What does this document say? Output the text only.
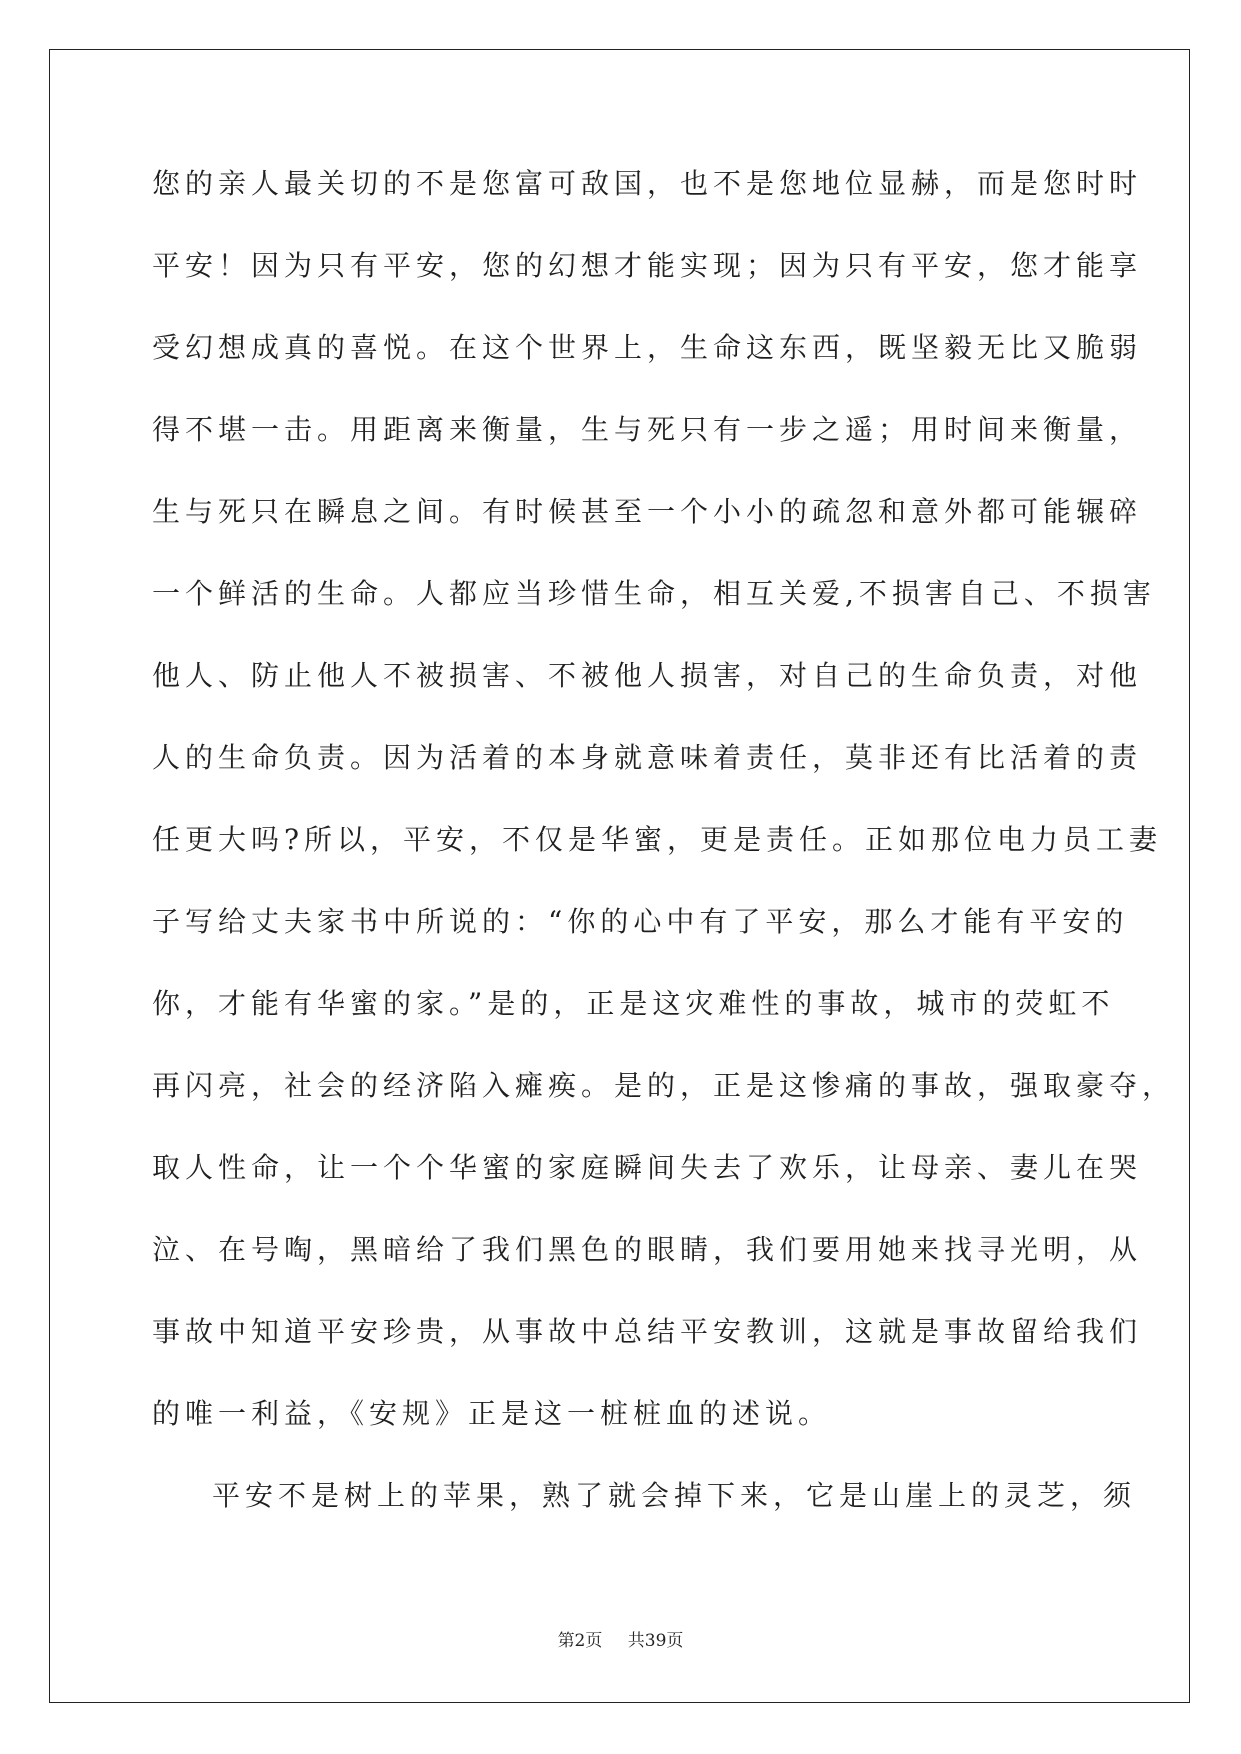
您的亲人最关切的不是您富可敌国，也不是您地位显赫，而是您时时
平安！因为只有平安，您的幻想才能实现；因为只有平安，您才能享
受幻想成真的喜悦。在这个世界上，生命这东西，既坚毅无比又脆弱
得不堪一击。用距离来衡量，生与死只有一步之遥；用时间来衡量，
生与死只在瞬息之间。有时候甚至一个小小的疏忽和意外都可能辗碎
一个鲜活的生命。人都应当珍惜生命，相互关爱,不损害自己、不损害
他人、防止他人不被损害、不被他人损害，对自己的生命负责，对他
人的生命负责。因为活着的本身就意味着责任，莫非还有比活着的责
任更大吗?所以，平安，不仅是华蜜，更是责任。正如那位电力员工妻
子写给丈夫家书中所说的：“你的心中有了平安，那么才能有平安的
你，才能有华蜜的家。”是的，正是这灾难性的事故，城市的荧虹不
再闪亮，社会的经济陷入瘫痪。是的，正是这惨痛的事故，强取豪夺，
取人性命，让一个个华蜜的家庭瞬间失去了欢乐，让母亲、妻儿在哭
泣、在号啕，黑暗给了我们黑色的眼睛，我们要用她来找寻光明，从
事故中知道平安珍贵，从事故中总结平安教训，这就是事故留给我们
的唯一利益，《安规》正是这一桩桩血的述说。
平安不是树上的苹果，熟了就会掉下来，它是山崖上的灵芝，须
第2页 共39页
